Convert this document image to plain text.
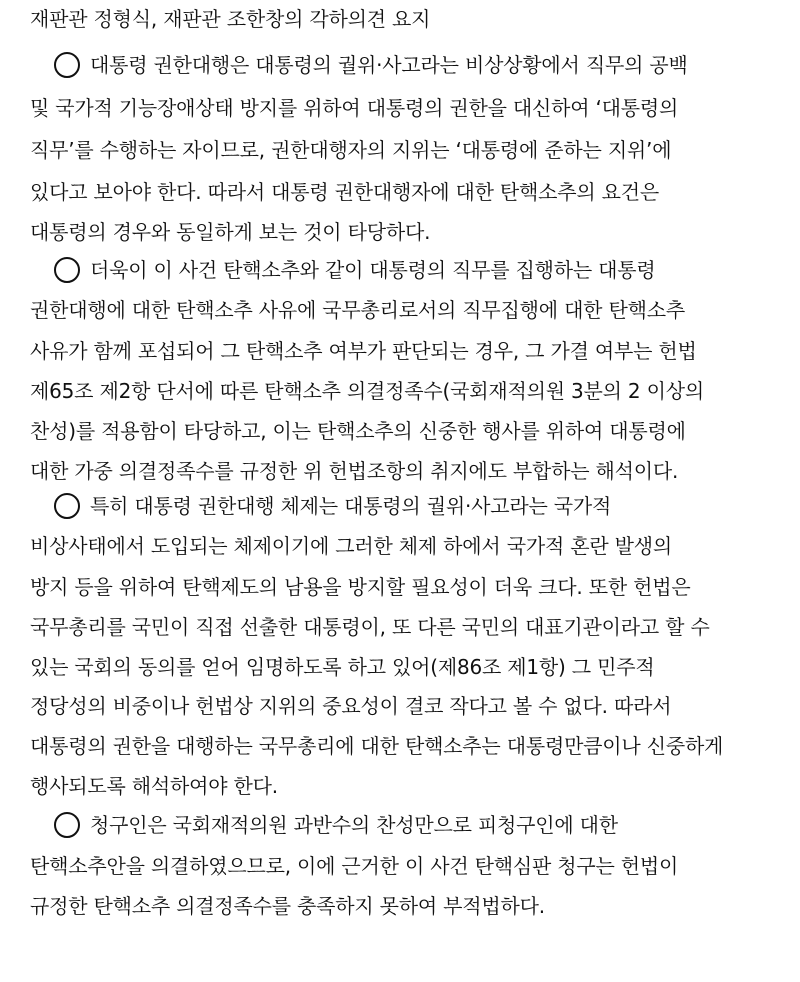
재판관 정형식, 재판관 조한창의 각하의견 요지
대통령 권한대행은 대통령의 궐위·사고라는 비상상황에서 직무의 공백
및 국가적 기능장애상태 방지를 위하여 대통령의 권한을 대신하여 ‘대통령의
직무’를 수행하는 자이므로, 권한대행자의 지위는 ‘대통령에 준하는 지위’에
있다고 보아야 한다. 따라서 대통령 권한대행자에 대한 탄핵소추의 요건은
대통령의 경우와 동일하게 보는 것이 타당하다.
더욱이 이 사건 탄핵소추와 같이 대통령의 직무를 집행하는 대통령
권한대행에 대한 탄핵소추 사유에 국무총리로서의 직무집행에 대한 탄핵소추
사유가 함께 포섭되어 그 탄핵소추 여부가 판단되는 경우, 그 가결 여부는 헌법
제65조 제2항 단서에 따른 탄핵소추 의결정족수(국회재적의원 3분의 2 이상의
찬성)를 적용함이 타당하고, 이는 탄핵소추의 신중한 행사를 위하여 대통령에
대한 가중 의결정족수를 규정한 위 헌법조항의 취지에도 부합하는 해석이다.
특히 대통령 권한대행 체제는 대통령의 궐위·사고라는 국가적
비상사태에서 도입되는 체제이기에 그러한 체제 하에서 국가적 혼란 발생의
방지 등을 위하여 탄핵제도의 남용을 방지할 필요성이 더욱 크다. 또한 헌법은
국무총리를 국민이 직접 선출한 대통령이, 또 다른 국민의 대표기관이라고 할 수
있는 국회의 동의를 얻어 임명하도록 하고 있어(제86조 제1항) 그 민주적
정당성의 비중이나 헌법상 지위의 중요성이 결코 작다고 볼 수 없다. 따라서
대통령의 권한을 대행하는 국무총리에 대한 탄핵소추는 대통령만큼이나 신중하게
행사되도록 해석하여야 한다.
청구인은 국회재적의원 과반수의 찬성만으로 피청구인에 대한
탄핵소추안을 의결하였으므로, 이에 근거한 이 사건 탄핵심판 청구는 헌법이
규정한 탄핵소추 의결정족수를 충족하지 못하여 부적법하다.
